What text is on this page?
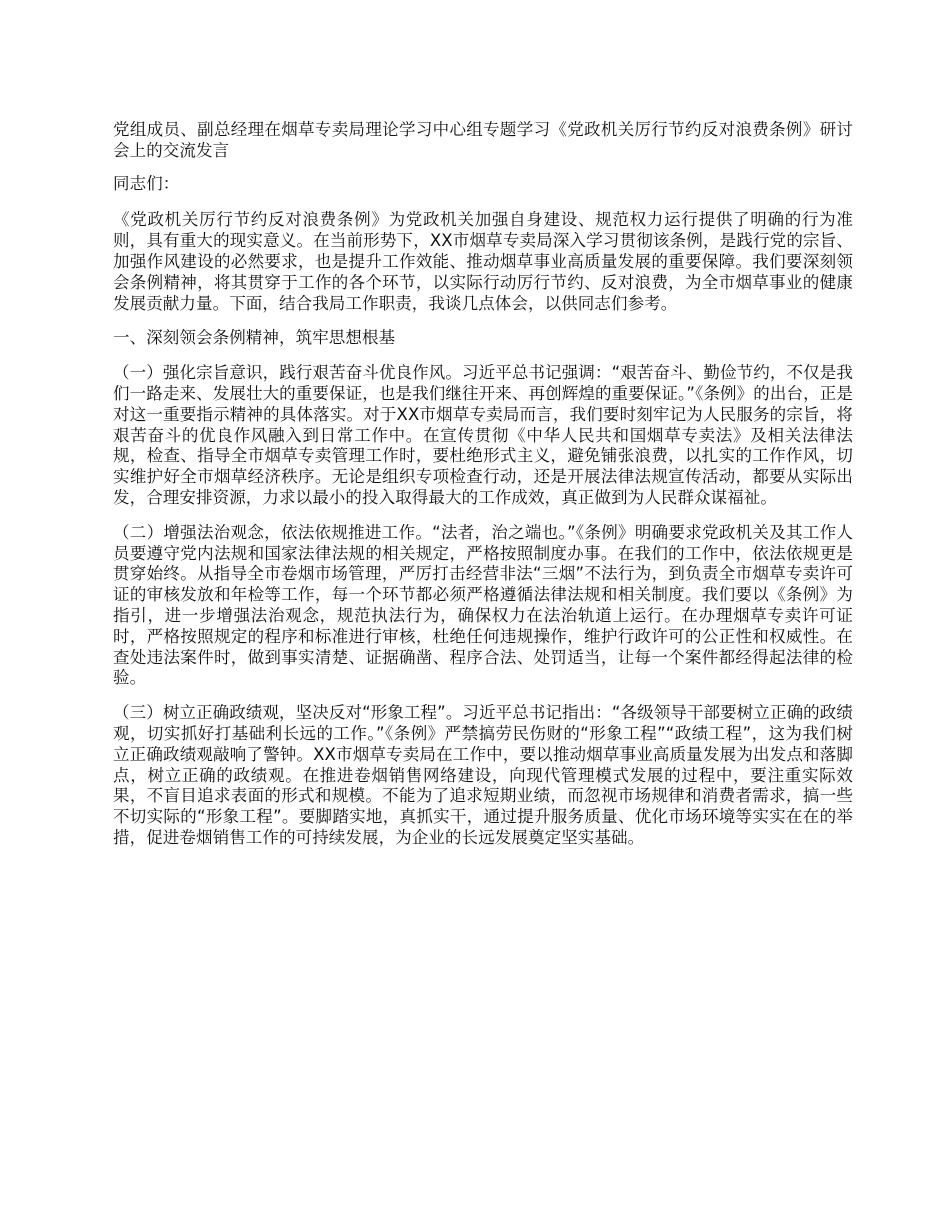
党组成员、副总经理在烟草专卖局理论学习中心组专题学习《党政机关厉行节约反对浪费条例》研讨会上的交流发言

同志们：

《党政机关厉行节约反对浪费条例》为党政机关加强自身建设、规范权力运行提供了明确的行为准则，具有重大的现实意义。在当前形势下，XX市烟草专卖局深入学习贯彻该条例，是践行党的宗旨、加强作风建设的必然要求，也是提升工作效能、推动烟草事业高质量发展的重要保障。我们要深刻领会条例精神，将其贯穿于工作的各个环节，以实际行动厉行节约、反对浪费，为全市烟草事业的健康发展贡献力量。下面，结合我局工作职责，我谈几点体会，以供同志们参考。

一、深刻领会条例精神，筑牢思想根基

（一）强化宗旨意识，践行艰苦奋斗优良作风。习近平总书记强调：“艰苦奋斗、勤俭节约，不仅是我们一路走来、发展壮大的重要保证，也是我们继往开来、再创辉煌的重要保证。”《条例》的出台，正是对这一重要指示精神的具体落实。对于XX市烟草专卖局而言，我们要时刻牢记为人民服务的宗旨，将艰苦奋斗的优良作风融入到日常工作中。在宣传贯彻《中华人民共和国烟草专卖法》及相关法律法规，检查、指导全市烟草专卖管理工作时，要杜绝形式主义，避免铺张浪费，以扎实的工作作风，切实维护好全市烟草经济秩序。无论是组织专项检查行动，还是开展法律法规宣传活动，都要从实际出发，合理安排资源，力求以最小的投入取得最大的工作成效，真正做到为人民群众谋福祉。

（二）增强法治观念，依法依规推进工作。“法者，治之端也。”《条例》明确要求党政机关及其工作人员要遵守党内法规和国家法律法规的相关规定，严格按照制度办事。在我们的工作中，依法依规更是贯穿始终。从指导全市卷烟市场管理，严厉打击经营非法“三烟”不法行为，到负责全市烟草专卖许可证的审核发放和年检等工作，每一个环节都必须严格遵循法律法规和相关制度。我们要以《条例》为指引，进一步增强法治观念，规范执法行为，确保权力在法治轨道上运行。在办理烟草专卖许可证时，严格按照规定的程序和标准进行审核，杜绝任何违规操作，维护行政许可的公正性和权威性。在查处违法案件时，做到事实清楚、证据确凿、程序合法、处罚适当，让每一个案件都经得起法律的检验。

（三）树立正确政绩观，坚决反对“形象工程”。习近平总书记指出：“各级领导干部要树立正确的政绩观，切实抓好打基础利长远的工作。”《条例》严禁搞劳民伤财的“形象工程”“政绩工程”，这为我们树立正确政绩观敲响了警钟。XX市烟草专卖局在工作中，要以推动烟草事业高质量发展为出发点和落脚点，树立正确的政绩观。在推进卷烟销售网络建设，向现代管理模式发展的过程中，要注重实际效果，不盲目追求表面的形式和规模。不能为了追求短期业绩，而忽视市场规律和消费者需求，搞一些不切实际的“形象工程”。要脚踏实地，真抓实干，通过提升服务质量、优化市场环境等实实在在的举措，促进卷烟销售工作的可持续发展，为企业的长远发展奠定坚实基础。
